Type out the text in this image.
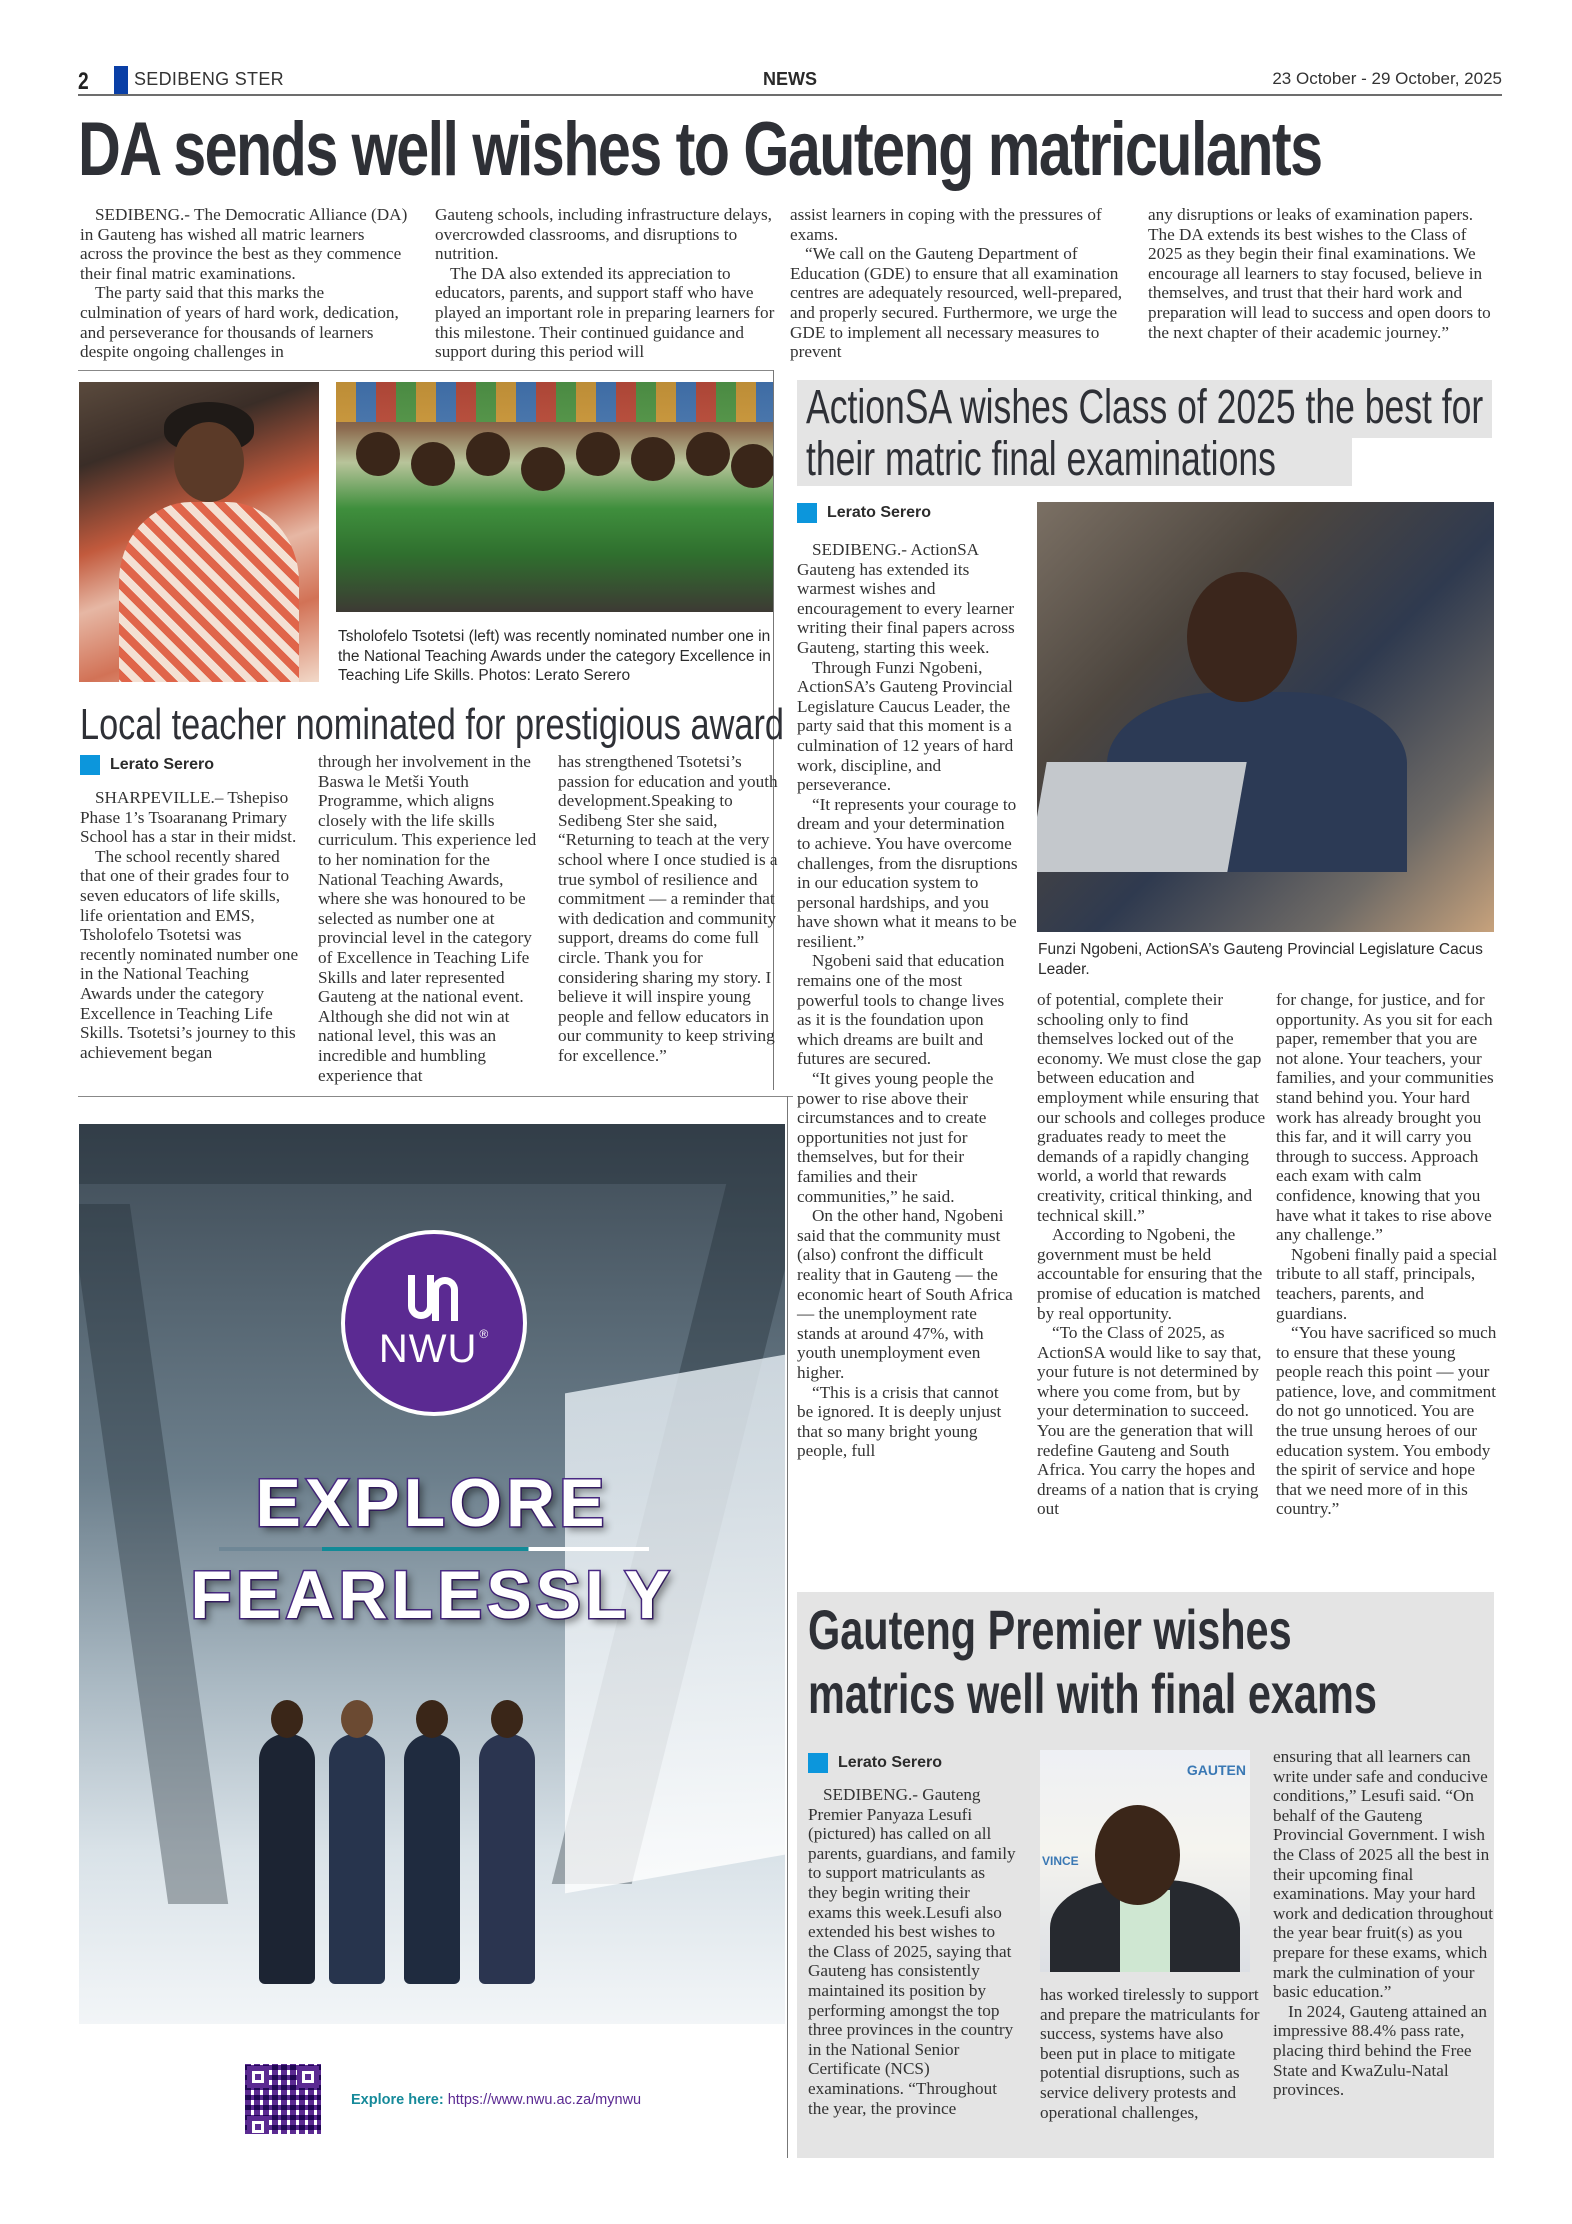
2	SEDIBENG STER	NEWS	23 October - 29 October, 2025
DA sends well wishes to Gauteng matriculants

SEDIBENG.- The Democratic Alliance (DA) in Gauteng has wished all matric learners across the province the best as they commence their final matric examinations.

The party said that this marks the culmination of years of hard work, dedication, and perseverance for thousands of learners despite ongoing challenges in

Gauteng schools, including infrastructure delays, overcrowded classrooms, and disruptions to nutrition.

The DA also extended its appreciation to educators, parents, and support staff who have played an important role in preparing learners for this milestone. Their continued guidance and support during this period will

assist learners in coping with the pressures of exams.

“We call on the Gauteng Department of Education (GDE) to ensure that all examination centres are adequately resourced, well-prepared, and properly secured. Furthermore, we urge the GDE to implement all necessary measures to prevent

any disruptions or leaks of examination papers. The DA extends its best wishes to the Class of 2025 as they begin their final examinations. We encourage all learners to stay focused, believe in themselves, and trust that their hard work and preparation will lead to success and open doors to the next chapter of their academic journey.”

Tsholofelo Tsotetsi (left) was recently nominated number one in the National Teaching Awards under the category Excellence in Teaching Life Skills. Photos: Lerato Serero
Local teacher nominated for prestigious award
Lerato Serero

SHARPEVILLE.– Tshepiso Phase 1’s Tsoaranang Primary School has a star in their midst.

The school recently shared that one of their grades four to seven educators of life skills, life orientation and EMS, Tsholofelo Tsotetsi was recently nominated number one in the National Teaching Awards under the category Excellence in Teaching Life Skills. Tsotetsi’s journey to this achievement began

through her involvement in the Baswa le Metši Youth Programme, which aligns closely with the life skills curriculum. This experience led to her nomination for the National Teaching Awards, where she was honoured to be selected as number one at provincial level in the category of Excellence in Teaching Life Skills and later represented Gauteng at the national event. Although she did not win at national level, this was an incredible and humbling experience that

has strengthened Tsotetsi’s passion for education and youth development.Speaking to Sedibeng Ster she said, “Returning to teach at the very school where I once studied is a true symbol of resilience and commitment — a reminder that with dedication and community support, dreams do come full circle. Thank you for considering sharing my story. I believe it will inspire young people and fellow educators in our community to keep striving for excellence.”

ActionSA wishes Class of 2025 the best for
their matric final examinations
Lerato Serero

SEDIBENG.- ActionSA Gauteng has extended its warmest wishes and encouragement to every learner writing their final papers across Gauteng, starting this week.

Through Funzi Ngobeni, ActionSA’s Gauteng Provincial Legislature Caucus Leader, the party said that this moment is a culmination of 12 years of hard work, discipline, and perseverance.

“It represents your courage to dream and your determination to achieve. You have overcome challenges, from the disruptions in our education system to personal hardships, and you have shown what it means to be resilient.”

Ngobeni said that education remains one of the most powerful tools to change lives as it is the foundation upon which dreams are built and futures are secured.

“It gives young people the power to rise above their circumstances and to create opportunities not just for themselves, but for their families and their communities,” he said.

On the other hand, Ngobeni said that the community must (also) confront the difficult reality that in Gauteng — the economic heart of South Africa — the unemployment rate stands at around 47%, with youth unemployment even higher.

“This is a crisis that cannot be ignored. It is deeply unjust that so many bright young people, full

Funzi Ngobeni, ActionSA’s Gauteng Provincial Legislature Cacus Leader.

of potential, complete their schooling only to find themselves locked out of the economy. We must close the gap between education and employment while ensuring that our schools and colleges produce graduates ready to meet the demands of a rapidly changing world, a world that rewards creativity, critical thinking, and technical skill.”

According to Ngobeni, the government must be held accountable for ensuring that the promise of education is matched by real opportunity.

“To the Class of 2025, as ActionSA would like to say that, your future is not determined by where you come from, but by your determination to succeed. You are the generation that will redefine Gauteng and South Africa. You carry the hopes and dreams of a nation that is crying out

for change, for justice, and for opportunity. As you sit for each paper, remember that you are not alone. Your teachers, your families, and your communities stand behind you. Your hard work has already brought you this far, and it will carry you through to success. Approach each exam with calm confidence, knowing that you have what it takes to rise above any challenge.”

Ngobeni finally paid a special tribute to all staff, principals, teachers, parents, and guardians.

“You have sacrificed so much to ensure that these young people reach this point — your patience, love, and commitment do not go unnoticed. You are the true unsung heroes of our education system. You embody the spirit of service and hope that we need more of in this country.”

Gauteng Premier wishes
matrics well with final exams
Lerato Serero

SEDIBENG.- Gauteng Premier Panyaza Lesufi (pictured) has called on all parents, guardians, and family to support matriculants as they begin writing their exams this week.Lesufi also extended his best wishes to the Class of 2025, saying that Gauteng has consistently maintained its position by performing amongst the top three provinces in the country in the National Senior Certificate (NCS) examinations. “Throughout the year, the province

GAUTEN
VINCE

has worked tirelessly to support and prepare the matriculants for success, systems have also been put in place to mitigate potential disruptions, such as service delivery protests and operational challenges,

ensuring that all learners can write under safe and conducive conditions,” Lesufi said. “On behalf of the Gauteng Provincial Government. I wish the Class of 2025 all the best in their upcoming final examinations. May your hard work and dedication throughout the year bear fruit(s) as you prepare for these exams, which mark the culmination of your basic education.”

In 2024, Gauteng attained an impressive 88.4% pass rate, placing third behind the Free State and KwaZulu-Natal provinces.

NWU ®
EXPLORE
FEARLESSLY
Explore here: https://www.nwu.ac.za/mynwu
